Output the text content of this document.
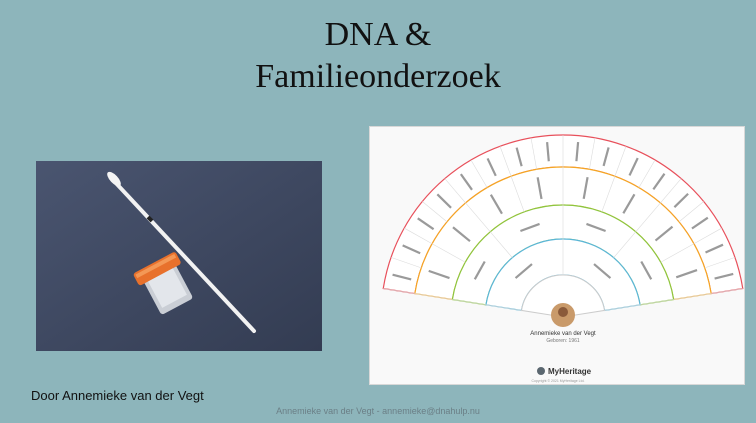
DNA &
Familieonderzoek
Annemieke van der Vegt
Geboren: 1961
MyHeritage
Copyright © 2021 MyHeritage Ltd.
Door Annemieke van der Vegt
Annemieke van der Vegt - annemieke@dnahulp.nu
